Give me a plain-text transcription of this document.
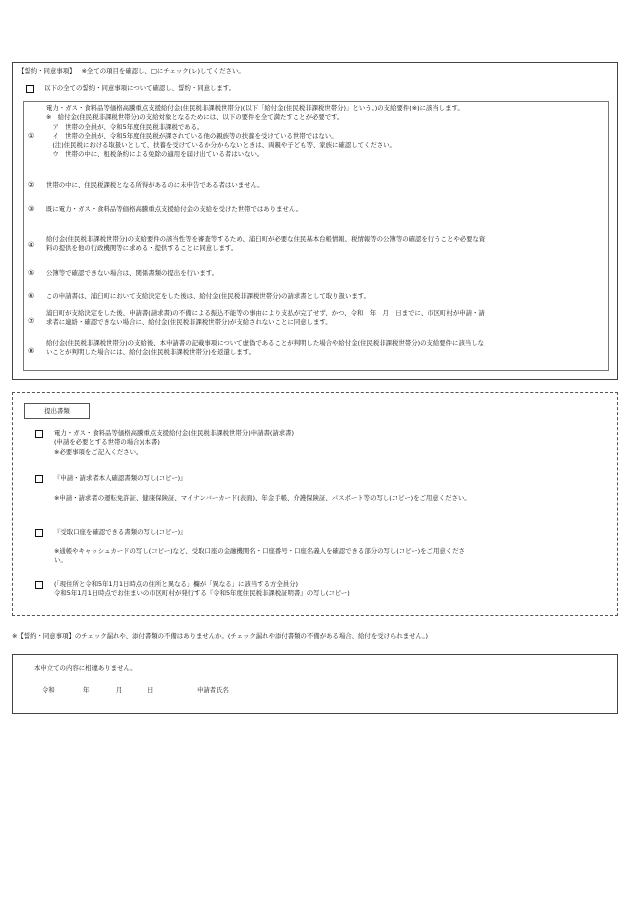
【誓約・同意事項】 ※全ての項目を確認し、□にチェック(レ)してください。
以下の全ての誓約・同意事項について確認し、誓約・同意します。
①
電力・ガス・食料品等価格高騰重点支援給付金(住民税非課税世帯分)(以下「給付金(住民税非課税世帯分)」という。)の支給要件(※)に該当します。
※　給付金(住民税非課税世帯分)の支給対象となるためには、以下の要件を全て満たすことが必要です。
　ア　世帯の全員が、令和5年度住民税非課税である。
　イ　世帯の全員が、令和5年度住民税が課されている他の親族等の扶養を受けている世帯ではない。
　(注)住民税における取扱いとして、扶養を受けているか分からないときは、両親や子ども等、家族に確認してください。
　ウ　世帯の中に、租税条約による免除の適用を届け出ている者はいない。
② 世帯の中に、住民税課税となる所得があるのに未申告である者はいません。
③ 既に電力・ガス・食料品等価格高騰重点支援給付金の支給を受けた世帯ではありません。
④
給付金(住民税非課税世帯分)の支給要件の該当性等を審査等するため、浦臼町が必要な住民基本台帳情報、税情報等の公簿等の確認を行うことや必要な資
料の提供を他の行政機関等に求める・提供することに同意します。
⑤ 公簿等で確認できない場合は、関係書類の提出を行います。
⑥ この申請書は、浦臼町において支給決定をした後は、給付金(住民税非課税世帯分)の請求書として取り扱います。
⑦
浦臼町が支給決定をした後、申請書(請求書)の不備による振込不能等の事由により支払が完了せず、かつ、令和　年　月　日までに、市区町村が申請・請
求者に連絡・確認できない場合に、給付金(住民税非課税世帯分)が支給されないことに同意します。
⑧
給付金(住民税非課税世帯分)の支給後、本申請書の記載事項について虚偽であることが判明した場合や給付金(住民税非課税世帯分)の支給要件に該当しな
いことが判明した場合には、給付金(住民税非課税世帯分)を返還します。
提出書類
電力・ガス・食料品等価格高騰重点支援給付金(住民税非課税世帯分)申請書(請求書)
(申請を必要とする世帯の場合)(本書)
※必要事項をご記入ください。
『申請・請求者本人確認書類の写し(コピー)』
※申請・請求者の運転免許証、健康保険証、マイナンバーカード(表面)、年金手帳、介護保険証、パスポート等の写し(コピー)をご用意ください。
『受取口座を確認できる書類の写し(コピー)』
※通帳やキャッシュカードの写し(コピー)など、受取口座の金融機関名・口座番号・口座名義人を確認できる部分の写し(コピー)をご用意くださ
い。
(「現住所と令和5年1月1日時点の住所と異なる」欄が「異なる」に該当する方全員分)
令和5年1月1日時点でお住まいの市区町村が発行する『令和5年度住民税非課税証明書』の写し(コピー)
※【誓約・同意事項】のチェック漏れや、添付書類の不備はありませんか。(チェック漏れや添付書類の不備がある場合、給付を受けられません。)
本申立ての内容に相違ありません。
令和	年	月	日	申請者氏名
